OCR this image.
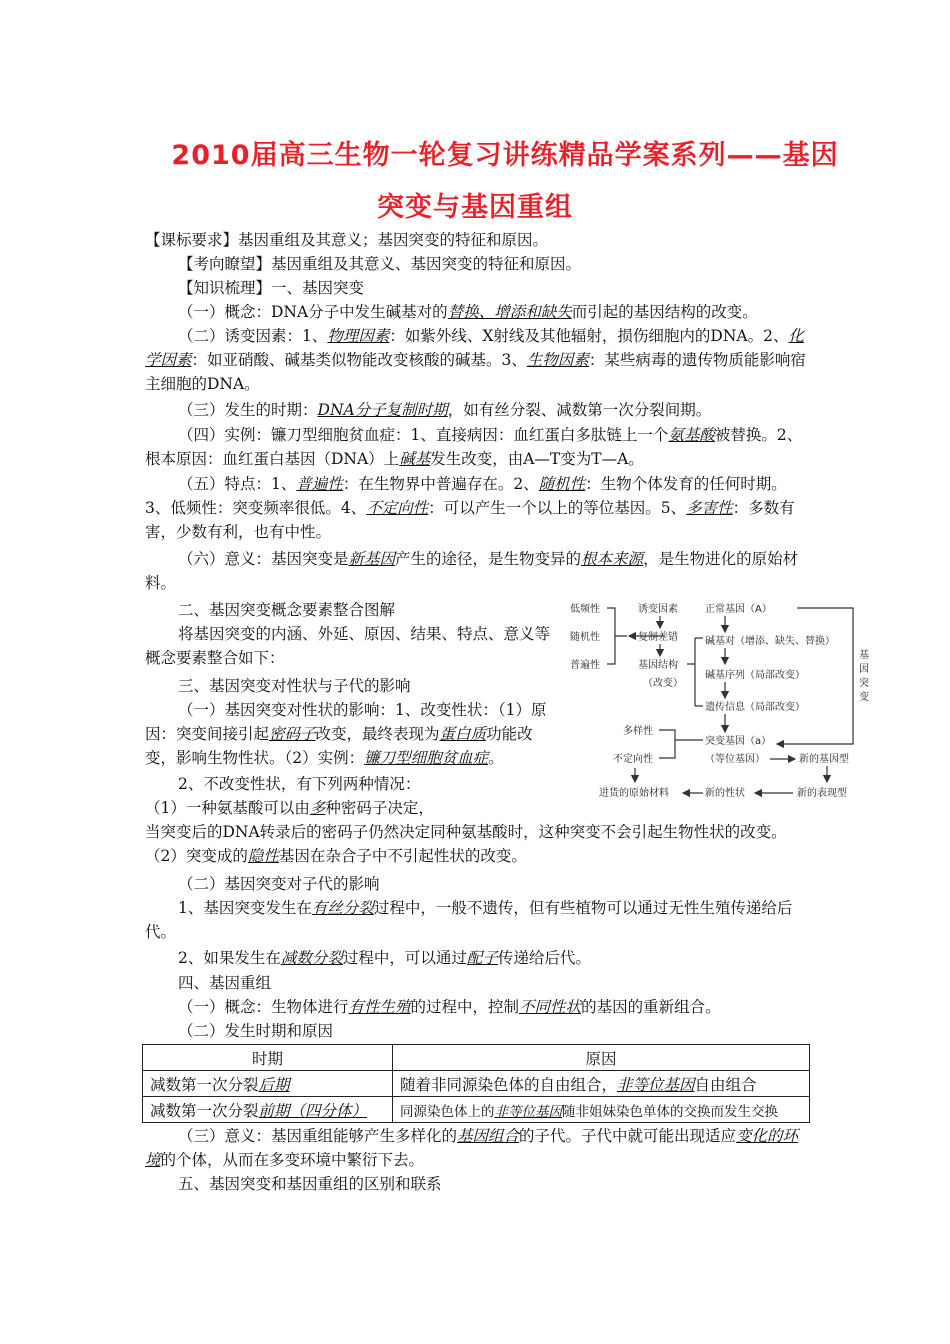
2010届高三生物一轮复习讲练精品学案系列——基因
突变与基因重组
【课标要求】基因重组及其意义；基因突变的特征和原因。
【考向瞭望】基因重组及其意义、基因突变的特征和原因。
【知识梳理】一、基因突变
（一）概念：DNA分子中发生碱基对的替换、增添和缺失而引起的基因结构的改变。
（二）诱变因素：1、物理因素：如紫外线、X射线及其他辐射，损伤细胞内的DNA。2、化学因素：如亚硝酸、碱基类似物能改变核酸的碱基。3、生物因素：某些病毒的遗传物质能影响宿主细胞的DNA。
（三）发生的时期：DNA分子复制时期，如有丝分裂、减数第一次分裂间期。
（四）实例：镰刀型细胞贫血症：1、直接病因：血红蛋白多肽链上一个氨基酸被替换。2、根本原因：血红蛋白基因（DNA）上碱基发生改变，由A—T变为T—A。
（五）特点：1、普遍性：在生物界中普遍存在。2、随机性：生物个体发育的任何时期。3、低频性：突变频率很低。4、不定向性：可以产生一个以上的等位基因。5、多害性：多数有害，少数有利，也有中性。
（六）意义：基因突变是新基因产生的途径，是生物变异的根本来源，是生物进化的原始材料。
二、基因突变概念要素整合图解
将基因突变的内涵、外延、原因、结果、特点、意义等概念要素整合如下：
三、基因突变对性状与子代的影响
（一）基因突变对性状的影响：1、改变性状：（1）原因：突变间接引起密码子改变，最终表现为蛋白质功能改变，影响生物性状。（2）实例：镰刀型细胞贫血症。
2、不改变性状，有下列两种情况：（1）一种氨基酸可以由多种密码子决定，当突变后的DNA转录后的密码子仍然决定同种氨基酸时，这种突变不会引起生物性状的改变。（2）突变成的隐性基因在杂合子中不引起性状的改变。
（二）基因突变对子代的影响
1、基因突变发生在有丝分裂过程中，一般不遗传，但有些植物可以通过无性生殖传递给后代。
2、如果发生在减数分裂过程中，可以通过配子传递给后代。
四、基因重组
（一）概念：生物体进行有性生殖的过程中，控制不同性状的基因的重新组合。
（二）发生时期和原因
时期	原因
减数第一次分裂后期	随着非同源染色体的自由组合，非等位基因自由组合
减数第一次分裂前期（四分体）	同源染色体上的非等位基因随非姐妹染色单体的交换而发生交换
（三）意义：基因重组能够产生多样化的基因组合的子代。子代中就可能出现适应变化的环境的个体，从而在多变环境中繁衍下去。
五、基因突变和基因重组的区别和联系
低频性
随机性
普遍性
诱变因素
复制差错
基因结构
（改变）
正常基因（A）
碱基对（增添、缺失、替换）
碱基序列（局部改变）
遗传信息（局部改变）
突变基因（a）
（等位基因）
基
因
突
变
多样性
不定向性	新的基因型
新的表现型
新的性状
进货的原始材料
